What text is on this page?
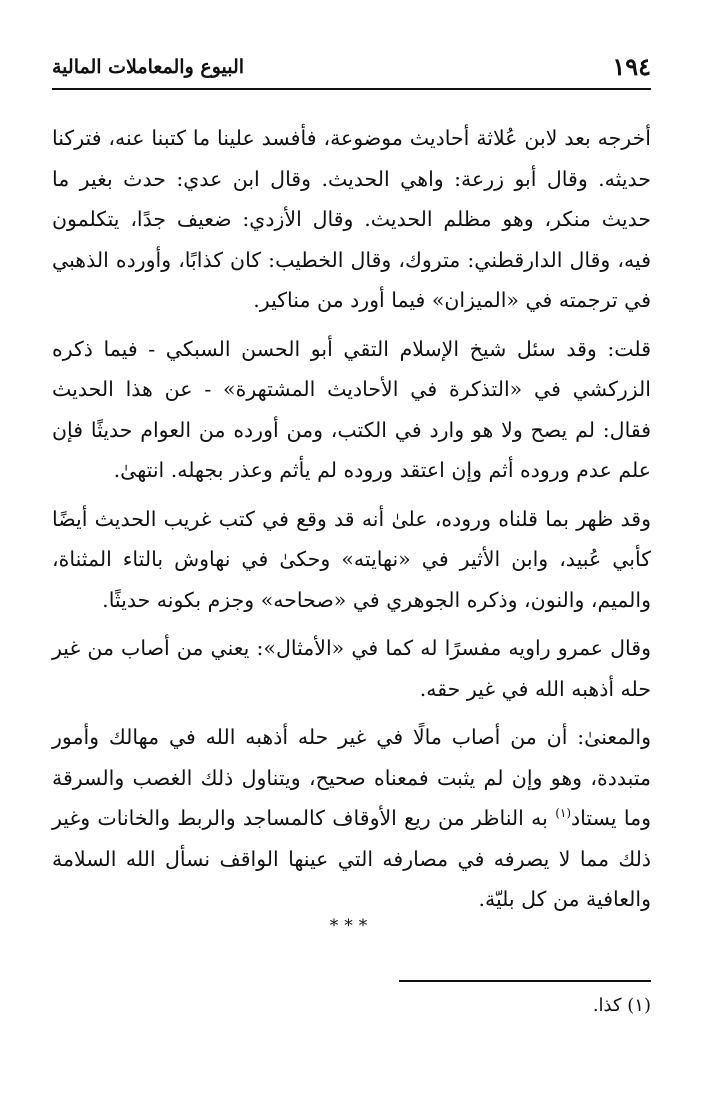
١٩٤
البيوع والمعاملات المالية

أخرجه بعد لابن عُلاثة أحاديث موضوعة، فأفسد علينا ما كتبنا عنه، فتركنا حديثه. وقال أبو زرعة: واهي الحديث. وقال ابن عدي: حدث بغير ما حديث منكر، وهو مظلم الحديث. وقال الأزدي: ضعيف جدًا، يتكلمون فيه، وقال الدارقطني: متروك، وقال الخطيب: كان كذابًا، وأورده الذهبي في ترجمته في «الميزان» فيما أورد من مناكير.

قلت: وقد سئل شيخ الإسلام التقي أبو الحسن السبكي - فيما ذكره الزركشي في «التذكرة في الأحاديث المشتهرة» - عن هذا الحديث فقال: لم يصح ولا هو وارد في الكتب، ومن أورده من العوام حديثًا فإن علم عدم وروده أثم وإن اعتقد وروده لم يأثم وعذر بجهله. انتهىٰ.

وقد ظهر بما قلناه وروده، علىٰ أنه قد وقع في كتب غريب الحديث أيضًا كأبي عُبيد، وابن الأثير في «نهايته» وحكىٰ في نهاوش بالتاء المثناة، والميم، والنون، وذكره الجوهري في «صحاحه» وجزم بكونه حديثًا.

وقال عمرو راويه مفسرًا له كما في «الأمثال»: يعني من أصاب من غير حله أذهبه الله في غير حقه.

والمعنىٰ: أن من أصاب مالًا في غير حله أذهبه الله في مهالك وأمور متبددة، وهو وإن لم يثبت فمعناه صحيح، ويتناول ذلك الغصب والسرقة وما يستاد$^{(١)}$ به الناظر من ريع الأوقاف كالمساجد والربط والخانات وغير ذلك مما لا يصرفه في مصارفه التي عينها الواقف نسأل الله السلامة والعافية من كل بليّة.

***
(١) كذا.
